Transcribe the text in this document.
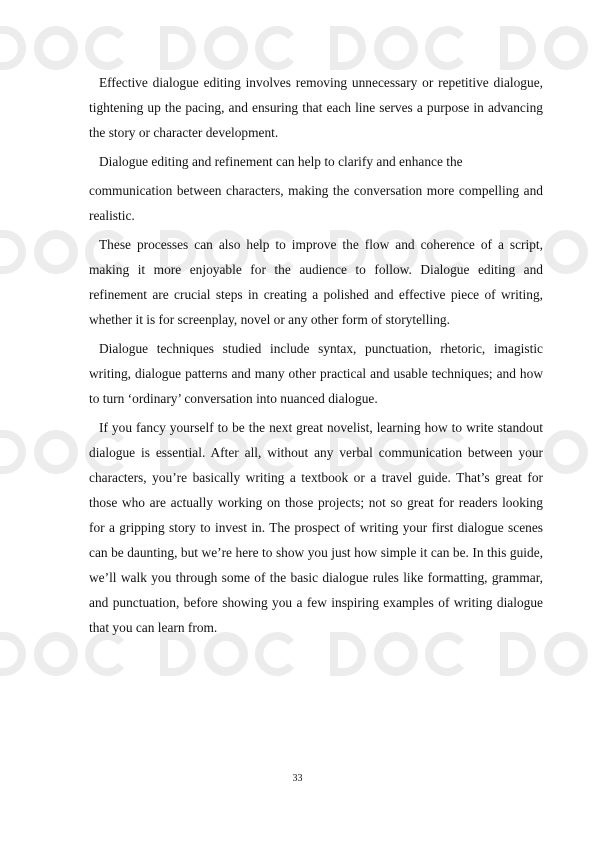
Effective dialogue editing involves removing unnecessary or repetitive dialogue, tightening up the pacing, and ensuring that each line serves a purpose in advancing the story or character development.

Dialogue editing and refinement can help to clarify and enhance the

communication between characters, making the conversation more compelling and realistic.

These processes can also help to improve the flow and coherence of a script, making it more enjoyable for the audience to follow. Dialogue editing and refinement are crucial steps in creating a polished and effective piece of writing, whether it is for screenplay, novel or any other form of storytelling.

Dialogue techniques studied include syntax, punctuation, rhetoric, imagistic writing, dialogue patterns and many other practical and usable techniques; and how to turn ‘ordinary’ conversation into nuanced dialogue.

If you fancy yourself to be the next great novelist, learning how to write standout dialogue is essential. After all, without any verbal communication between your characters, you’re basically writing a textbook or a travel guide. That’s great for those who are actually working on those projects; not so great for readers looking for a gripping story to invest in. The prospect of writing your first dialogue scenes can be daunting, but we’re here to show you just how simple it can be. In this guide, we’ll walk you through some of the basic dialogue rules like formatting, grammar, and punctuation, before showing you a few inspiring examples of writing dialogue that you can learn from.

33
